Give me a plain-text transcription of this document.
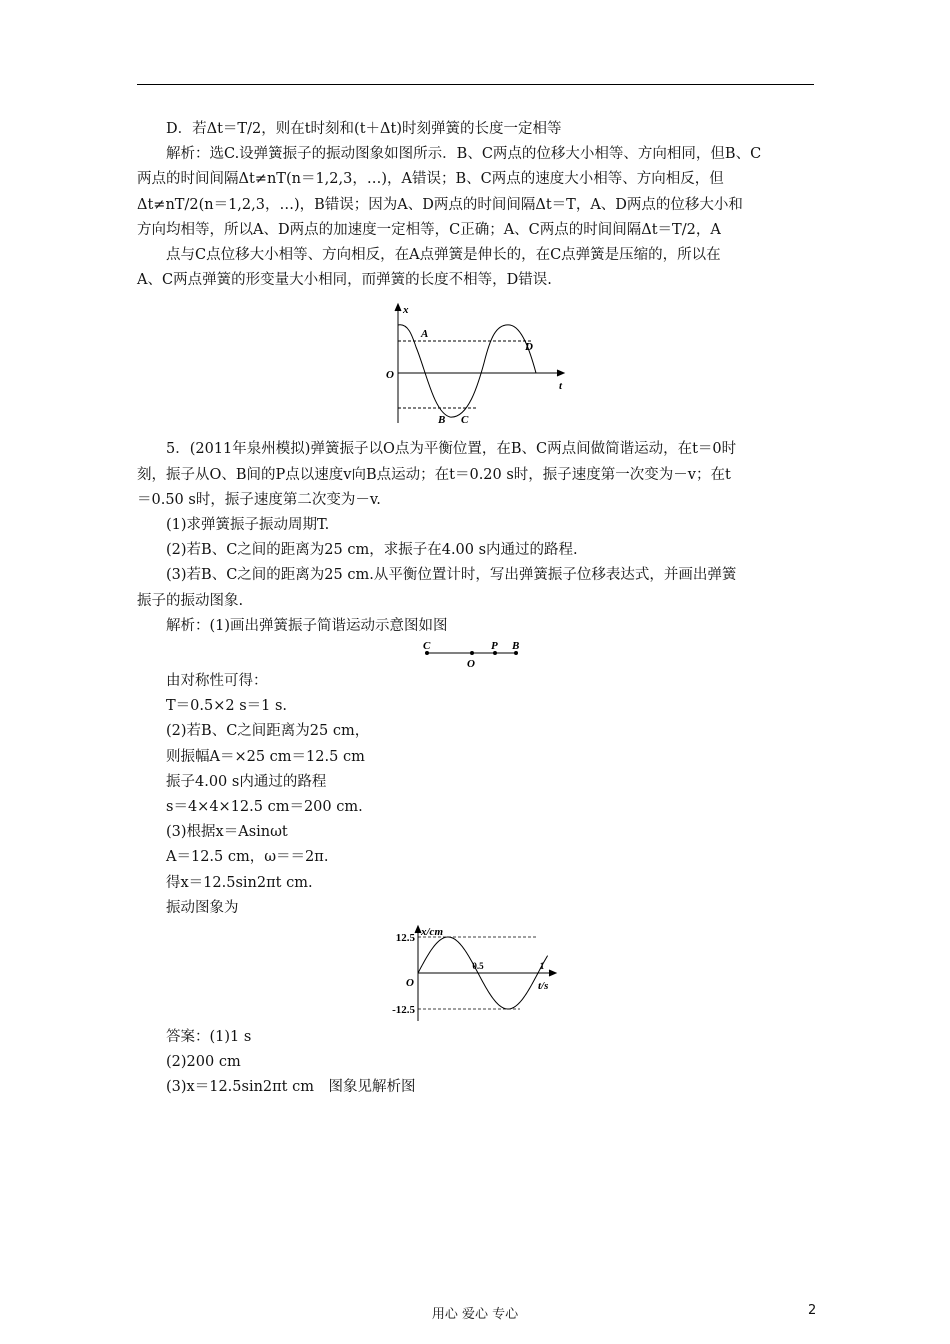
D．若Δt＝T/2，则在t时刻和(t＋Δt)时刻弹簧的长度一定相等

解析：选C.设弹簧振子的振动图象如图所示．B、C两点的位移大小相等、方向相同，但B、C

两点的时间间隔Δt≠nT(n＝1,2,3，…)，A错误；B、C两点的速度大小相等、方向相反，但

Δt≠nT/2(n＝1,2,3，…)，B错误；因为A、D两点的时间间隔Δt＝T，A、D两点的位移大小和

方向均相等，所以A、D两点的加速度一定相等，C正确；A、C两点的时间间隔Δt＝T/2，A

点与C点位移大小相等、方向相反，在A点弹簧是伸长的，在C点弹簧是压缩的，所以在

A、C两点弹簧的形变量大小相同，而弹簧的长度不相等，D错误.

x
t
O
A
B C
D

5．(2011年泉州模拟)弹簧振子以O点为平衡位置，在B、C两点间做简谐运动，在t＝0时

刻，振子从O、B间的P点以速度v向B点运动；在t＝0.20 s时，振子速度第一次变为－v；在t

＝0.50 s时，振子速度第二次变为－v.

(1)求弹簧振子振动周期T.

(2)若B、C之间的距离为25 cm，求振子在4.00 s内通过的路程.

(3)若B、C之间的距离为25 cm.从平衡位置计时，写出弹簧振子位移表达式，并画出弹簧

振子的振动图象.

解析：(1)画出弹簧振子简谐运动示意图如图

C
O
P B

由对称性可得：

T＝0.5×2 s＝1 s.

(2)若B、C之间距离为25 cm，

则振幅A＝×25 cm＝12.5 cm

振子4.00 s内通过的路程

s＝4×4×12.5 cm＝200 cm.

(3)根据x＝Asinωt

A＝12.5 cm，ω＝＝2π.

得x＝12.5sin2πt cm.

振动图象为

x/cm
t/s
O
12.5
-12.5
0.5	1

答案：(1)1 s

(2)200 cm

(3)x＝12.5sin2πt cm　图象见解析图

用心 爱心 专心	2
